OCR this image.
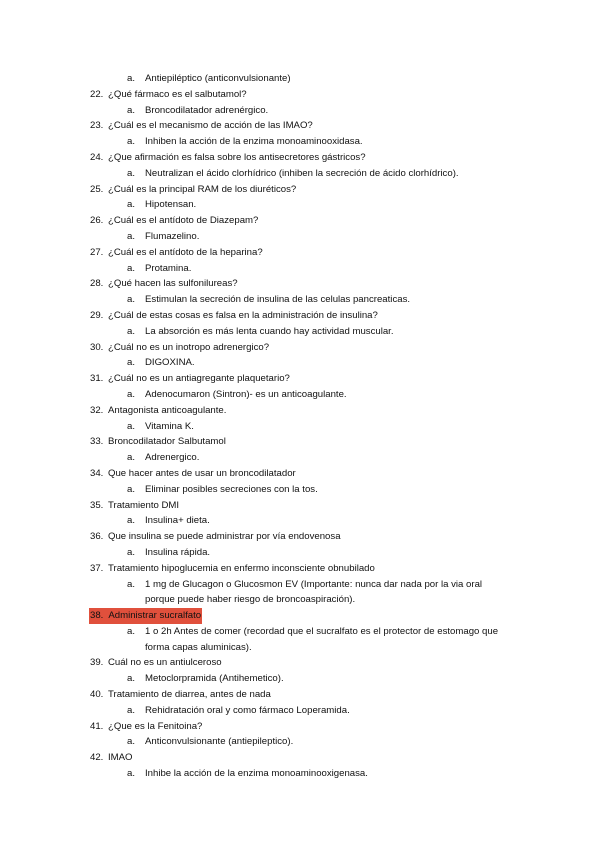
a. Antiepiléptico (anticonvulsionante)
22. ¿Qué fármaco es el salbutamol?
a. Broncodilatador adrenérgico.
23. ¿Cuál es el mecanismo de acción de las IMAO?
a. Inhiben la acción de la enzima monoaminooxidasa.
24. ¿Que afirmación es falsa sobre los antisecretores gástricos?
a. Neutralizan el ácido clorhídrico (inhiben la secreción de ácido clorhídrico).
25. ¿Cuál es la principal RAM de los diuréticos?
a. Hipotensan.
26. ¿Cuál es el antídoto de Diazepam?
a. Flumazelino.
27. ¿Cuál es el antídoto de la heparina?
a. Protamina.
28. ¿Qué hacen las sulfonilureas?
a. Estimulan la secreción de insulina de las celulas pancreaticas.
29. ¿Cuál de estas cosas es falsa en la administración de insulina?
a. La absorción es más lenta cuando hay actividad muscular.
30. ¿Cuál no es un inotropo adrenergico?
a. DIGOXINA.
31. ¿Cuál no es un antiagregante plaquetario?
a. Adenocumaron (Sintron)- es un anticoagulante.
32. Antagonista anticoagulante.
a. Vitamina K.
33. Broncodilatador Salbutamol
a. Adrenergico.
34. Que hacer antes de usar un broncodilatador
a. Eliminar posibles secreciones con la tos.
35. Tratamiento DMI
a. Insulina+ dieta.
36. Que insulina se puede administrar por vía endovenosa
a. Insulina rápida.
37. Tratamiento hipoglucemia en enfermo inconsciente obnubilado
a. 1 mg de Glucagon o Glucosmon EV (Importante: nunca dar nada por la via oral
porque puede haber riesgo de broncoaspiración).
38. Administrar sucralfato
a. 1 o 2h Antes de comer (recordad que el sucralfato es el protector de estomago que
forma capas aluminicas).
39. Cuál no es un antiulceroso
a. Metoclorpramida (Antihemetico).
40. Tratamiento de diarrea, antes de nada
a. Rehidratación oral y como fármaco Loperamida.
41. ¿Que es la Fenitoina?
a. Anticonvulsionante (antiepileptico).
42. IMAO
a. Inhibe la acción de la enzima monoaminooxigenasa.
